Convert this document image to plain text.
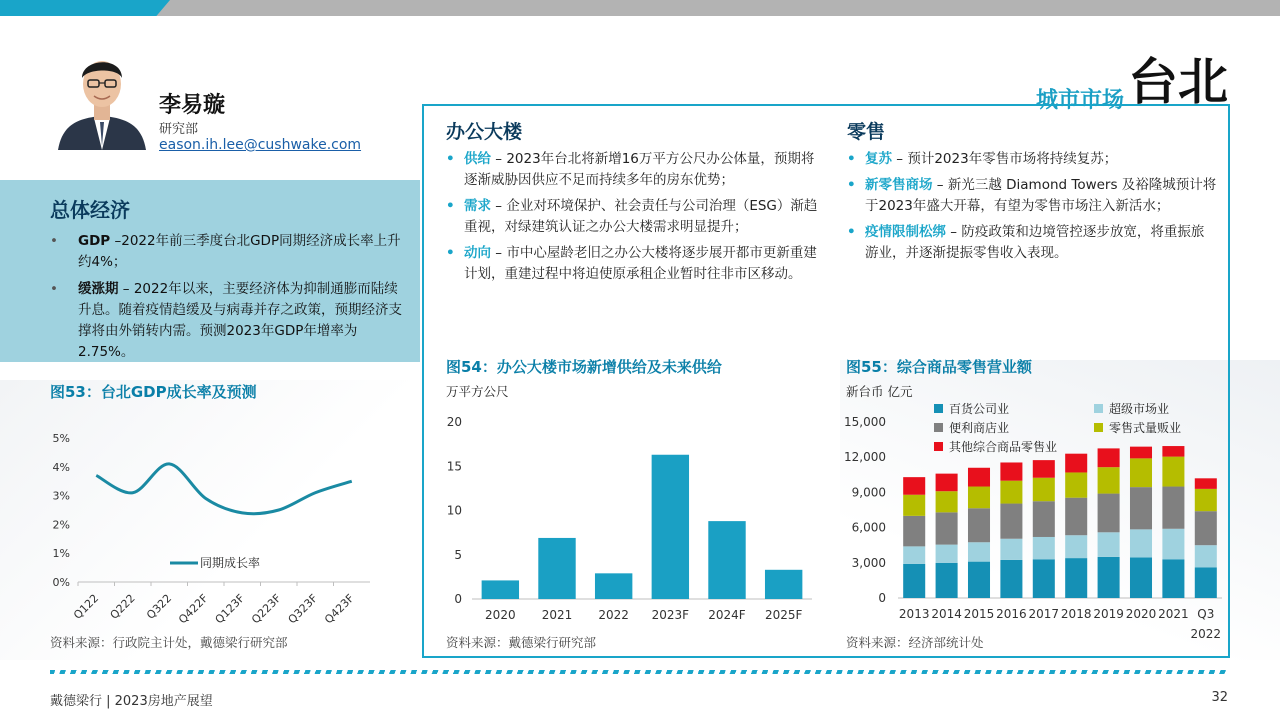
李易璇
研究部
eason.ih.lee@cushwake.com
城市市场台北
总体经济
• GDP –2022年前三季度台北GDP同期经济成长率上升约4%；
• 缓涨期 – 2022年以来，主要经济体为抑制通膨而陆续升息。随着疫情趋缓及与病毒并存之政策，预期经济支撑将由外销转内需。预测2023年GDP年增率为2.75%。
图53：台北GDP成长率及预测
0%
1%
2%
3%
4%
5%
Q122 Q222 Q322 Q422F Q123F Q223F Q323F Q423F
同期成长率
资料来源：行政院主计处，戴德梁行研究部
办公大楼
• 供给 – 2023年台北将新增16万平方公尺办公体量，预期将逐渐威胁因供应不足而持续多年的房东优势；
• 需求 – 企业对环境保护、社会责任与公司治理（ESG）渐趋重视，对绿建筑认证之办公大楼需求明显提升；
• 动向 – 市中心屋龄老旧之办公大楼将逐步展开都市更新重建计划，重建过程中将迫使原承租企业暂时往非市区移动。
零售
• 复苏 – 预计2023年零售市场将持续复苏；
• 新零售商场 – 新光三越 Diamond Towers 及裕隆城预计将于2023年盛大开幕，有望为零售市场注入新活水；
• 疫情限制松绑 – 防疫政策和边境管控逐步放宽，将重振旅游业，并逐渐提振零售收入表现。
图54：办公大楼市场新增供给及未来供给
万平方公尺
0
5
10
15
20
2020 2021 2022 2023F 2024F 2025F
资料来源：戴德梁行研究部
图55：综合商品零售营业额
新台币 亿元
0
3,000
6,000
9,000
12,000
15,000
2013 2014 2015 2016 2017 2018 2019 2020 2021 Q3
2022
百货公司业	超级市场业
便利商店业	零售式量贩业
其他综合商品零售业
资料来源：经济部统计处
戴德梁行 | 2023房地产展望	32
